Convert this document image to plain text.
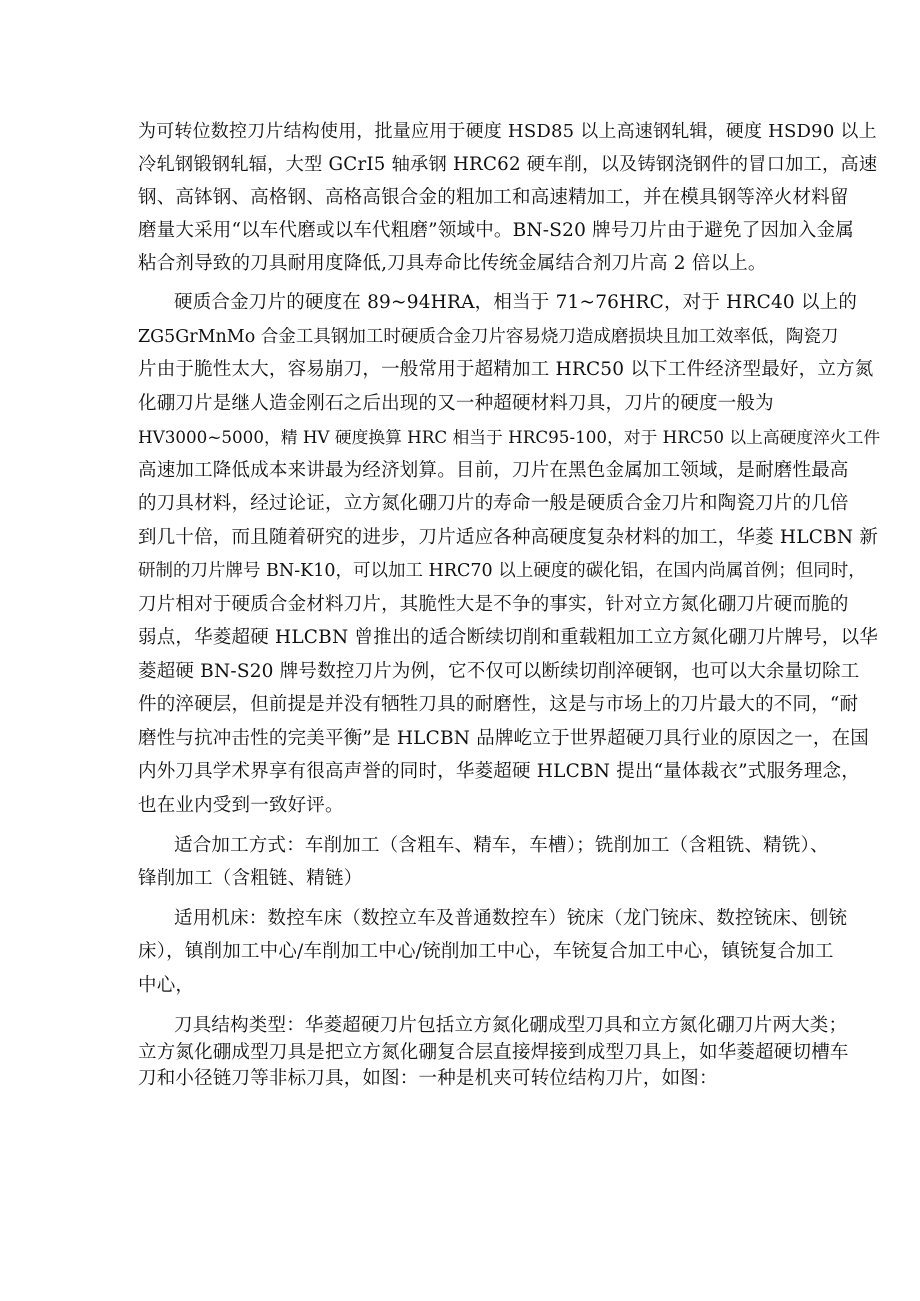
为可转位数控刀片结构使用，批量应用于硬度 HSD85 以上高速钢轧辑，硬度 HSD90 以上
冷轧钢锻钢轧辐，大型 GCrI5 轴承钢 HRC62 硬车削，以及铸钢浇钢件的冒口加工，高速
钢、高钵钢、高格钢、高格高银合金的粗加工和高速精加工，并在模具钢等淬火材料留
磨量大采用“以车代磨或以车代粗磨”领域中。BN-S20 牌号刀片由于避免了因加入金属
粘合剂导致的刀具耐用度降低,刀具寿命比传统金属结合剂刀片高 2 倍以上。
硬质合金刀片的硬度在 89~94HRA，相当于 71~76HRC，对于 HRC40 以上的
ZG5GrMnMo 合金工具钢加工时硬质合金刀片容易烧刀造成磨损块且加工效率低，陶瓷刀
片由于脆性太大，容易崩刀，一般常用于超精加工 HRC50 以下工件经济型最好，立方氮
化硼刀片是继人造金刚石之后出现的又一种超硬材料刀具，刀片的硬度一般为
HV3000~5000，精 HV 硬度换算 HRC 相当于 HRC95-100，对于 HRC50 以上高硬度淬火工件
高速加工降低成本来讲最为经济划算。目前，刀片在黑色金属加工领域，是耐磨性最高
的刀具材料，经过论证，立方氮化硼刀片的寿命一般是硬质合金刀片和陶瓷刀片的几倍
到几十倍，而且随着研究的进步，刀片适应各种高硬度复杂材料的加工，华菱 HLCBN 新
研制的刀片牌号 BN-K10，可以加工 HRC70 以上硬度的碳化铝，在国内尚属首例；但同时，
刀片相对于硬质合金材料刀片，其脆性大是不争的事实，针对立方氮化硼刀片硬而脆的
弱点，华菱超硬 HLCBN 曾推出的适合断续切削和重载粗加工立方氮化硼刀片牌号，以华
菱超硬 BN-S20 牌号数控刀片为例，它不仅可以断续切削淬硬钢，也可以大余量切除工
件的淬硬层，但前提是并没有牺牲刀具的耐磨性，这是与市场上的刀片最大的不同，“耐
磨性与抗冲击性的完美平衡”是 HLCBN 品牌屹立于世界超硬刀具行业的原因之一，在国
内外刀具学术界享有很高声誉的同时，华菱超硬 HLCBN 提出“量体裁衣”式服务理念，
也在业内受到一致好评。
适合加工方式：车削加工（含粗车、精车，车槽）；铣削加工（含粗铣、精铣）、
锋削加工（含粗链、精链）
适用机床：数控车床（数控立车及普通数控车）铳床（龙门铳床、数控铳床、刨铳
床），镇削加工中心/车削加工中心/铳削加工中心，车铳复合加工中心，镇铳复合加工
中心，
刀具结构类型：华菱超硬刀片包括立方氮化硼成型刀具和立方氮化硼刀片两大类；
立方氮化硼成型刀具是把立方氮化硼复合层直接焊接到成型刀具上，如华菱超硬切槽车
刀和小径链刀等非标刀具，如图：一种是机夹可转位结构刀片，如图：
